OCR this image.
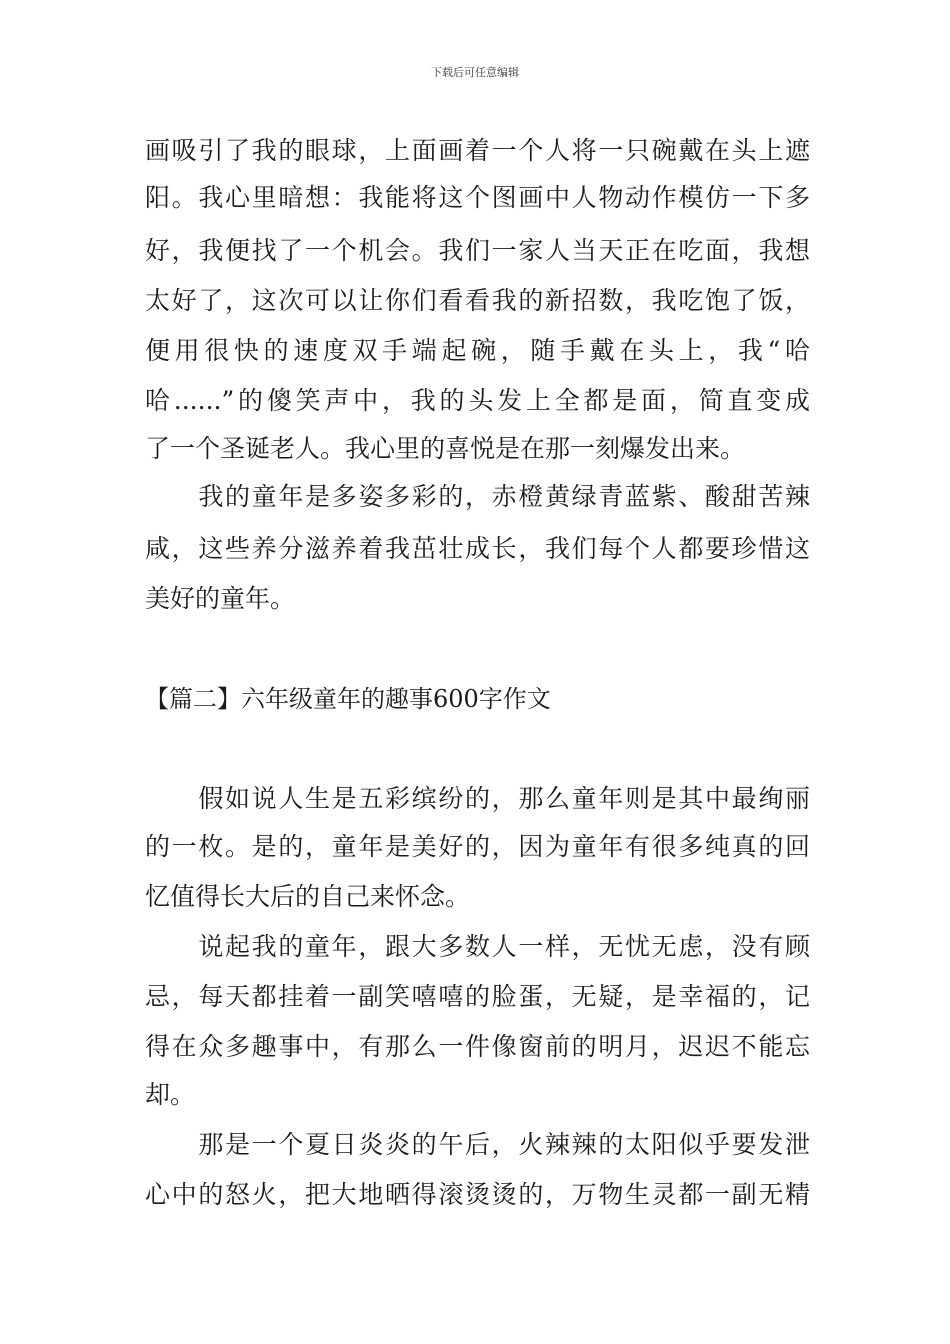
下载后可任意编辑
画吸引了我的眼球，上面画着一个人将一只碗戴在头上遮
阳。我心里暗想：我能将这个图画中人物动作模仿一下多
好，我便找了一个机会。我们一家人当天正在吃面，我想
太好了，这次可以让你们看看我的新招数，我吃饱了饭，
便用很快的速度双手端起碗，随手戴在头上，我“哈
哈......”的傻笑声中，我的头发上全都是面，简直变成
了一个圣诞老人。我心里的喜悦是在那一刻爆发出来。
　　我的童年是多姿多彩的，赤橙黄绿青蓝紫、酸甜苦辣
咸，这些养分滋养着我茁壮成长，我们每个人都要珍惜这
美好的童年。
【篇二】六年级童年的趣事600字作文
　　假如说人生是五彩缤纷的，那么童年则是其中最绚丽
的一枚。是的，童年是美好的，因为童年有很多纯真的回
忆值得长大后的自己来怀念。
　　说起我的童年，跟大多数人一样，无忧无虑，没有顾
忌，每天都挂着一副笑嘻嘻的脸蛋，无疑，是幸福的，记
得在众多趣事中，有那么一件像窗前的明月，迟迟不能忘
却。
　　那是一个夏日炎炎的午后，火辣辣的太阳似乎要发泄
心中的怒火，把大地晒得滚烫烫的，万物生灵都一副无精
